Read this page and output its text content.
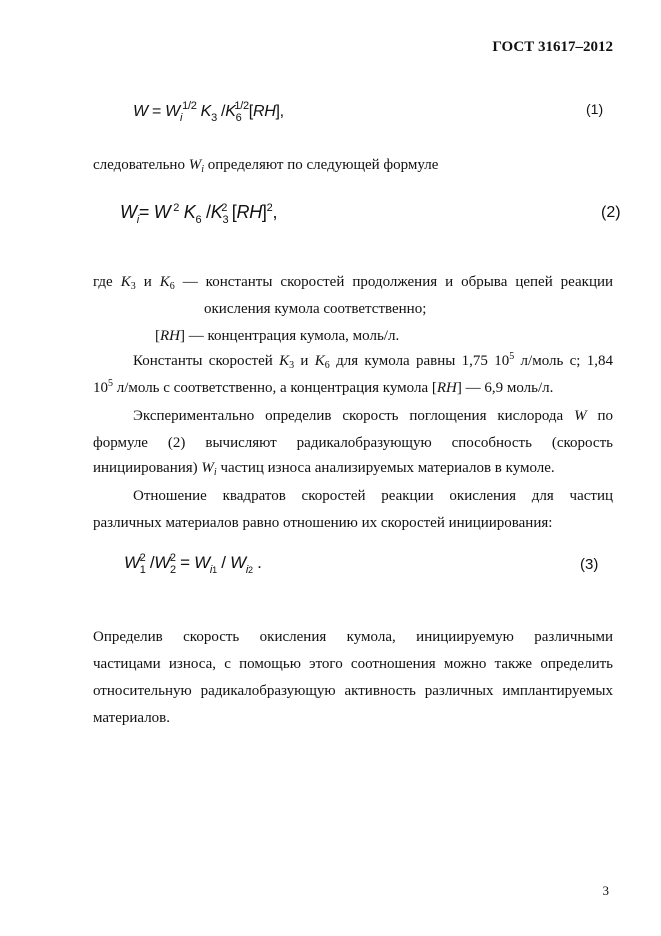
ГОСТ 31617–2012
$W = W_i^{1/2}$ $K_3$ $/K_6^{1/2}[RH]$,	(1)
следовательно $W_i$ определяют по следующей формуле
$W_i= W$ $^2$ $K_6$ $/K_3^2$ [RH]$^2$,	(2)
где $K_3$ и $K_6$ — константы скоростей продолжения и обрыва цепей реакции
окисления кумола соответственно;
[RH] — концентрация кумола, моль/л.
Константы скоростей $K_3$ и $K_6$ для кумола равны 1,75 $10^5$ л/моль с; 1,84
$10^5$ л/моль с соответственно, а концентрация кумола [RH] — 6,9 моль/л.
Экспериментально определив скорость поглощения кислорода W по
формуле (2) вычисляют радикалобразующую способность (скорость
инициирования) $W_i$ частиц износа анализируемых материалов в кумоле.
Отношение квадратов скоростей реакции окисления для частиц
различных материалов равно отношению их скоростей инициирования:
$W_1^2$ $/W_2^2 = W_{i1} / W_{i2}$ .	(3)
Определив скорость окисления кумола, инициируемую различными
частицами износа, с помощью этого соотношения можно также определить
относительную радикалобразующую активность различных имплантируемых
материалов.
3
